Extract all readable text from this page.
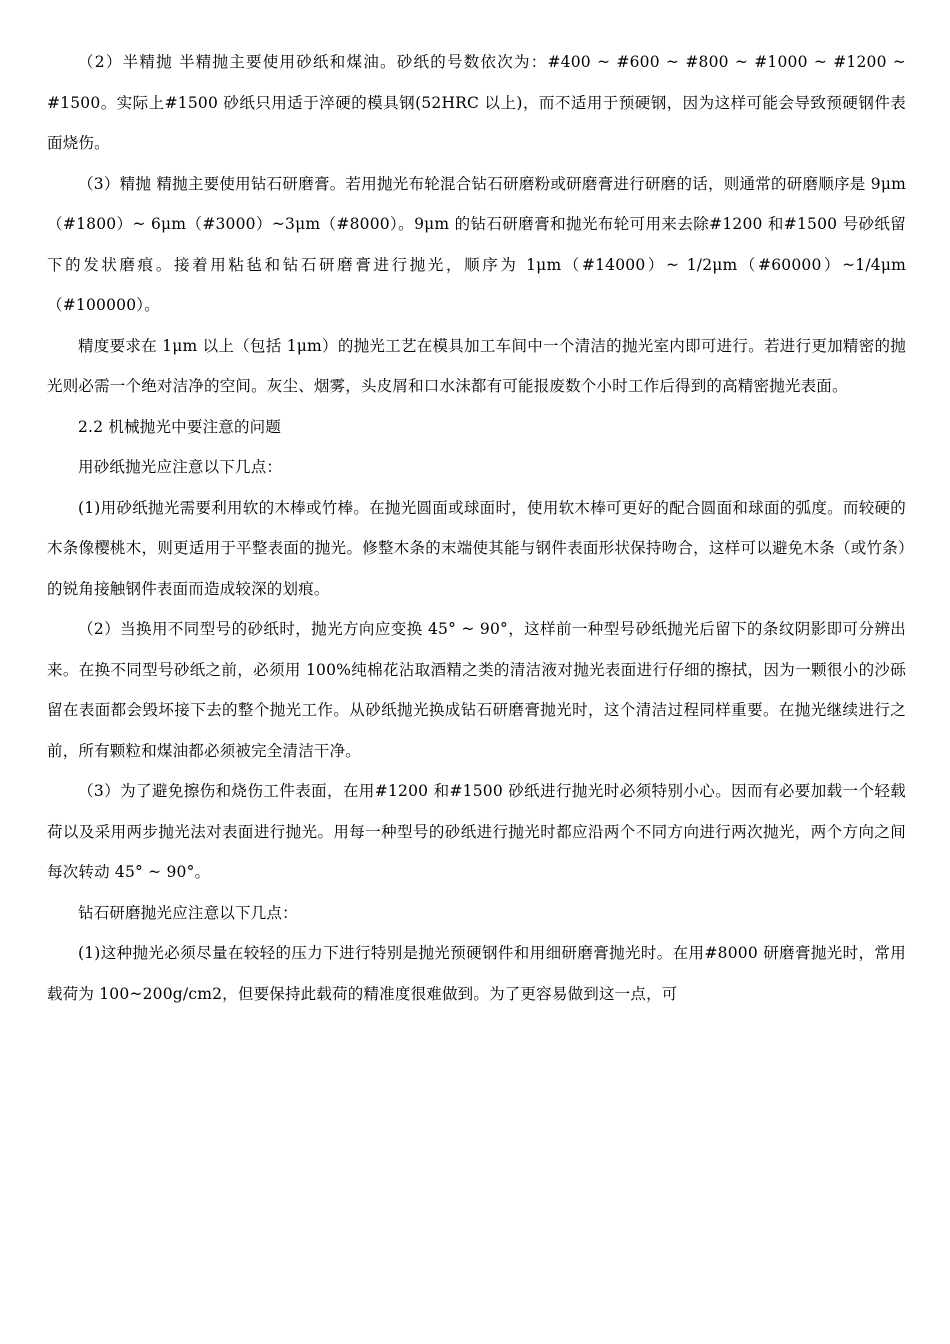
（2）半精抛 半精抛主要使用砂纸和煤油。砂纸的号数依次为：#400 ~ #600 ~ #800 ~ #1000 ~ #1200 ~ #1500。实际上#1500 砂纸只用适于淬硬的模具钢(52HRC 以上)，而不适用于预硬钢，因为这样可能会导致预硬钢件表面烧伤。

（3）精抛 精抛主要使用钻石研磨膏。若用抛光布轮混合钻石研磨粉或研磨膏进行研磨的话，则通常的研磨顺序是 9μm（#1800）~ 6μm（#3000）~3μm（#8000）。9μm 的钻石研磨膏和抛光布轮可用来去除#1200 和#1500 号砂纸留下的发状磨痕。接着用粘毡和钻石研磨膏进行抛光，顺序为 1μm（#14000）~ 1/2μm（#60000）~1/4μm（#100000）。

精度要求在 1μm 以上（包括 1μm）的抛光工艺在模具加工车间中一个清洁的抛光室内即可进行。若进行更加精密的抛光则必需一个绝对洁净的空间。灰尘、烟雾，头皮屑和口水沫都有可能报废数个小时工作后得到的高精密抛光表面。

2.2 机械抛光中要注意的问题

用砂纸抛光应注意以下几点：

(1)用砂纸抛光需要利用软的木棒或竹棒。在抛光圆面或球面时，使用软木棒可更好的配合圆面和球面的弧度。而较硬的木条像樱桃木，则更适用于平整表面的抛光。修整木条的末端使其能与钢件表面形状保持吻合，这样可以避免木条（或竹条）的锐角接触钢件表面而造成较深的划痕。

（2）当换用不同型号的砂纸时，抛光方向应变换 45° ~ 90°，这样前一种型号砂纸抛光后留下的条纹阴影即可分辨出来。在换不同型号砂纸之前，必须用 100%纯棉花沾取酒精之类的清洁液对抛光表面进行仔细的擦拭，因为一颗很小的沙砾留在表面都会毁坏接下去的整个抛光工作。从砂纸抛光换成钻石研磨膏抛光时，这个清洁过程同样重要。在抛光继续进行之前，所有颗粒和煤油都必须被完全清洁干净。

（3）为了避免擦伤和烧伤工件表面，在用#1200 和#1500 砂纸进行抛光时必须特别小心。因而有必要加载一个轻载荷以及采用两步抛光法对表面进行抛光。用每一种型号的砂纸进行抛光时都应沿两个不同方向进行两次抛光，两个方向之间每次转动 45° ~ 90°。

钻石研磨抛光应注意以下几点：

(1)这种抛光必须尽量在较轻的压力下进行特别是抛光预硬钢件和用细研磨膏抛光时。在用#8000 研磨膏抛光时，常用载荷为 100~200g/cm2，但要保持此载荷的精准度很难做到。为了更容易做到这一点，可
